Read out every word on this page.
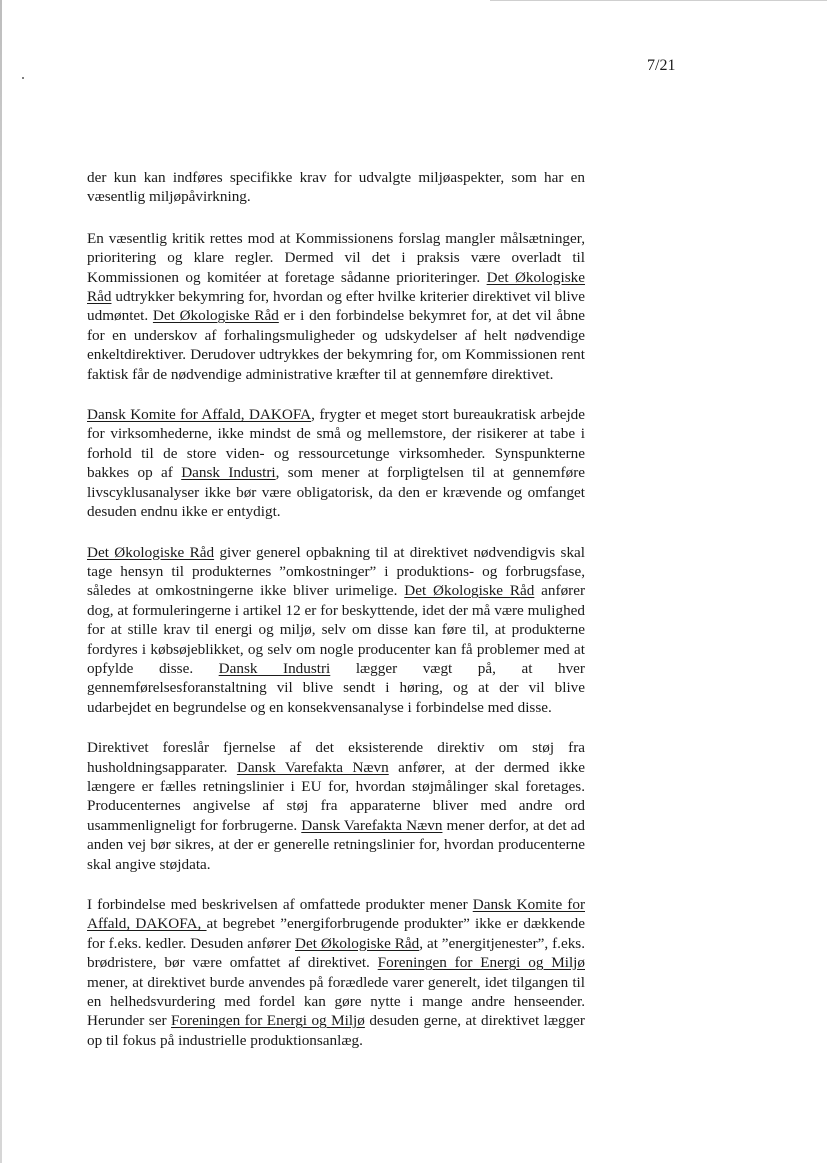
7/21

der kun kan indføres specifikke krav for udvalgte miljøaspekter, som har en væsentlig miljøpåvirkning.

En væsentlig kritik rettes mod at Kommissionens forslag mangler målsætninger, prioritering og klare regler. Dermed vil det i praksis være overladt til Kommissionen og komitéer at foretage sådanne prioriteringer. Det Økologiske Råd udtrykker bekymring for, hvordan og efter hvilke kriterier direktivet vil blive udmøntet. Det Økologiske Råd er i den forbindelse bekymret for, at det vil åbne for en underskov af forhalingsmuligheder og udskydelser af helt nødvendige enkeltdirektiver. Derudover udtrykkes der bekymring for, om Kommissionen rent faktisk får de nødvendige administrative kræfter til at gennemføre direktivet.

Dansk Komite for Affald, DAKOFA, frygter et meget stort bureaukratisk arbejde for virksomhederne, ikke mindst de små og mellemstore, der risikerer at tabe i forhold til de store viden- og ressourcetunge virksomheder. Synspunkterne bakkes op af Dansk Industri, som mener at forpligtelsen til at gennemføre livscyklusanalyser ikke bør være obligatorisk, da den er krævende og omfanget desuden endnu ikke er entydigt.

Det Økologiske Råd giver generel opbakning til at direktivet nødvendigvis skal tage hensyn til produkternes ”omkostninger” i produktions- og forbrugsfase, således at omkostningerne ikke bliver urimelige. Det Økologiske Råd anfører dog, at formuleringerne i artikel 12 er for beskyttende, idet der må være mulighed for at stille krav til energi og miljø, selv om disse kan føre til, at produkterne fordyres i købsøjeblikket, og selv om nogle producenter kan få problemer med at opfylde disse. Dansk Industri lægger vægt på, at hver gennemførelsesforanstaltning vil blive sendt i høring, og at der vil blive udarbejdet en begrundelse og en konsekvensanalyse i forbindelse med disse.

Direktivet foreslår fjernelse af det eksisterende direktiv om støj fra husholdningsapparater. Dansk Varefakta Nævn anfører, at der dermed ikke længere er fælles retningslinier i EU for, hvordan støjmålinger skal foretages. Producenternes angivelse af støj fra apparaterne bliver med andre ord usammenligneligt for forbrugerne. Dansk Varefakta Nævn mener derfor, at det ad anden vej bør sikres, at der er generelle retningslinier for, hvordan producenterne skal angive støjdata.

I forbindelse med beskrivelsen af omfattede produkter mener Dansk Komite for Affald, DAKOFA, at begrebet ”energiforbrugende produkter” ikke er dækkende for f.eks. kedler. Desuden anfører Det Økologiske Råd, at ”energitjenester”, f.eks. brødristere, bør være omfattet af direktivet. Foreningen for Energi og Miljø mener, at direktivet burde anvendes på forædlede varer generelt, idet tilgangen til en helhedsvurdering med fordel kan gøre nytte i mange andre henseender. Herunder ser Foreningen for Energi og Miljø desuden gerne, at direktivet lægger op til fokus på industrielle produktionsanlæg.
